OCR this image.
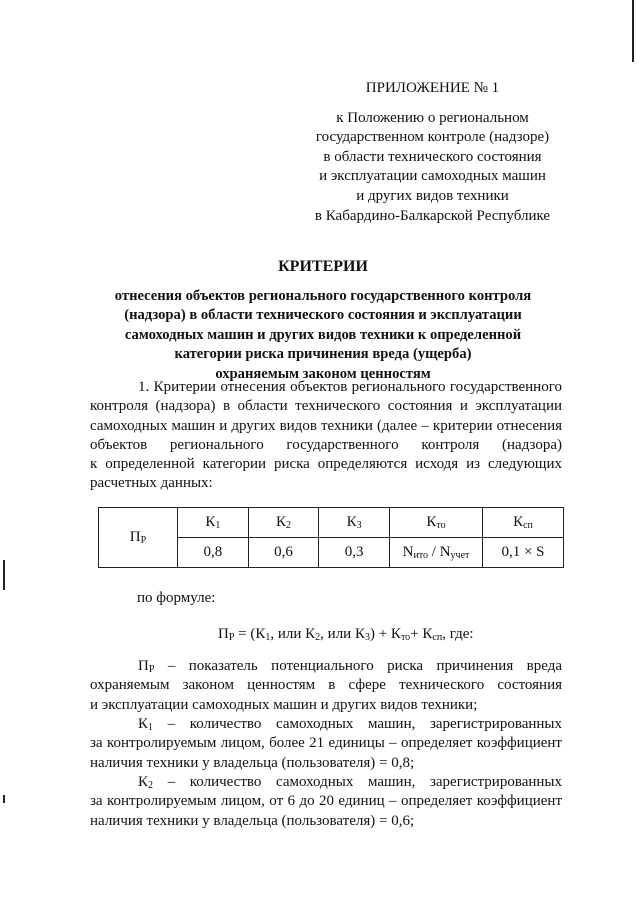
ПРИЛОЖЕНИЕ № 1
к Положению о региональном
государственном контроле (надзоре)
в области технического состояния
и эксплуатации самоходных машин
и других видов техники
в Кабардино-Балкарской Республике
КРИТЕРИИ
отнесения объектов регионального государственного контроля
(надзора) в области технического состояния и эксплуатации
самоходных машин и других видов техники к определенной
категории риска причинения вреда (ущерба)
охраняемым законом ценностям
1. Критерии отнесения объектов регионального государственного
контроля (надзора) в области технического состояния и эксплуатации
самоходных машин и других видов техники (далее – критерии отнесения
объектов регионального государственного контроля (надзора)
к определенной категории риска определяются исходя из следующих
расчетных данных:
$П_Р$	$К_1$	$К_2$	$К_3$	$К_{то}$	$К_{сп}$
	0,8	0,6	0,3	$N_{ито} / N_{учет}$	0,1 × S
по формуле:
$П_Р = (К_1$, или $К_2$, или $К_3) + К_{то}+ К_{сп}$, где:
$П_Р$ – показатель потенциального риска причинения вреда
охраняемым законом ценностям в сфере технического состояния
и эксплуатации самоходных машин и других видов техники;
$К_1$ – количество самоходных машин, зарегистрированных
за контролируемым лицом, более 21 единицы – определяет коэффициент
наличия техники у владельца (пользователя) = 0,8;
$К_2$ – количество самоходных машин, зарегистрированных
за контролируемым лицом, от 6 до 20 единиц – определяет коэффициент
наличия техники у владельца (пользователя) = 0,6;
